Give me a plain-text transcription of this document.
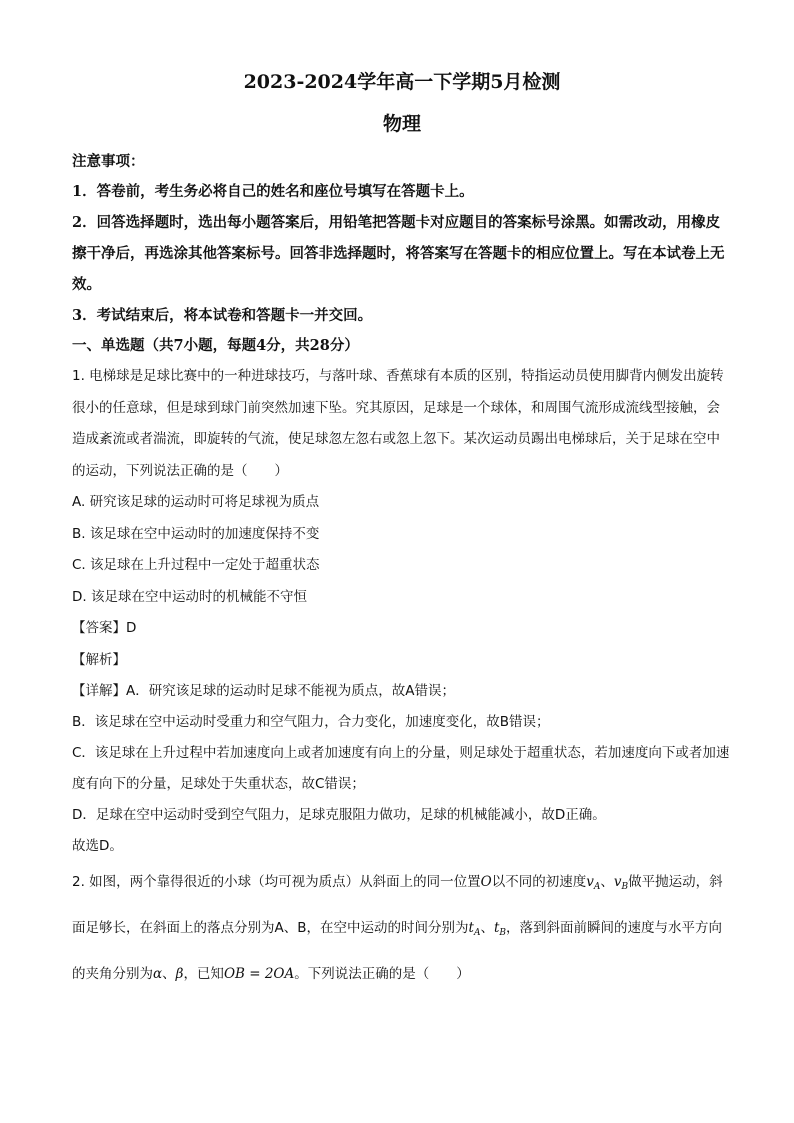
2023-2024学年高一下学期5月检测
物理
注意事项：
1．答卷前，考生务必将自己的姓名和座位号填写在答题卡上。
2．回答选择题时，选出每小题答案后，用铅笔把答题卡对应题目的答案标号涂黑。如需改动，用橡皮擦干净后，再选涂其他答案标号。回答非选择题时，将答案写在答题卡的相应位置上。写在本试卷上无效。
3．考试结束后，将本试卷和答题卡一并交回。
一、单选题（共7小题，每题4分，共28分）
1. 电梯球是足球比赛中的一种进球技巧，与落叶球、香蕉球有本质的区别，特指运动员使用脚背内侧发出旋转很小的任意球，但是球到球门前突然加速下坠。究其原因，足球是一个球体，和周围气流形成流线型接触，会造成紊流或者湍流，即旋转的气流，使足球忽左忽右或忽上忽下。某次运动员踢出电梯球后，关于足球在空中的运动，下列说法正确的是（　　）
A. 研究该足球的运动时可将足球视为质点
B. 该足球在空中运动时的加速度保持不变
C. 该足球在上升过程中一定处于超重状态
D. 该足球在空中运动时的机械能不守恒
【答案】D
【解析】
【详解】A．研究该足球的运动时足球不能视为质点，故A错误；
B．该足球在空中运动时受重力和空气阻力，合力变化，加速度变化，故B错误；
C．该足球在上升过程中若加速度向上或者加速度有向上的分量，则足球处于超重状态，若加速度向下或者加速度有向下的分量，足球处于失重状态，故C错误；
D．足球在空中运动时受到空气阻力，足球克服阻力做功，足球的机械能减小，故D正确。
故选D。
2. 如图，两个靠得很近的小球（均可视为质点）从斜面上的同一位置O以不同的初速度$v_A$、$v_B$做平抛运动，斜面足够长，在斜面上的落点分别为A、B，在空中运动的时间分别为$t_A$、$t_B$，落到斜面前瞬间的速度与水平方向的夹角分别为α、β，已知OB = 2OA。下列说法正确的是（　　）
